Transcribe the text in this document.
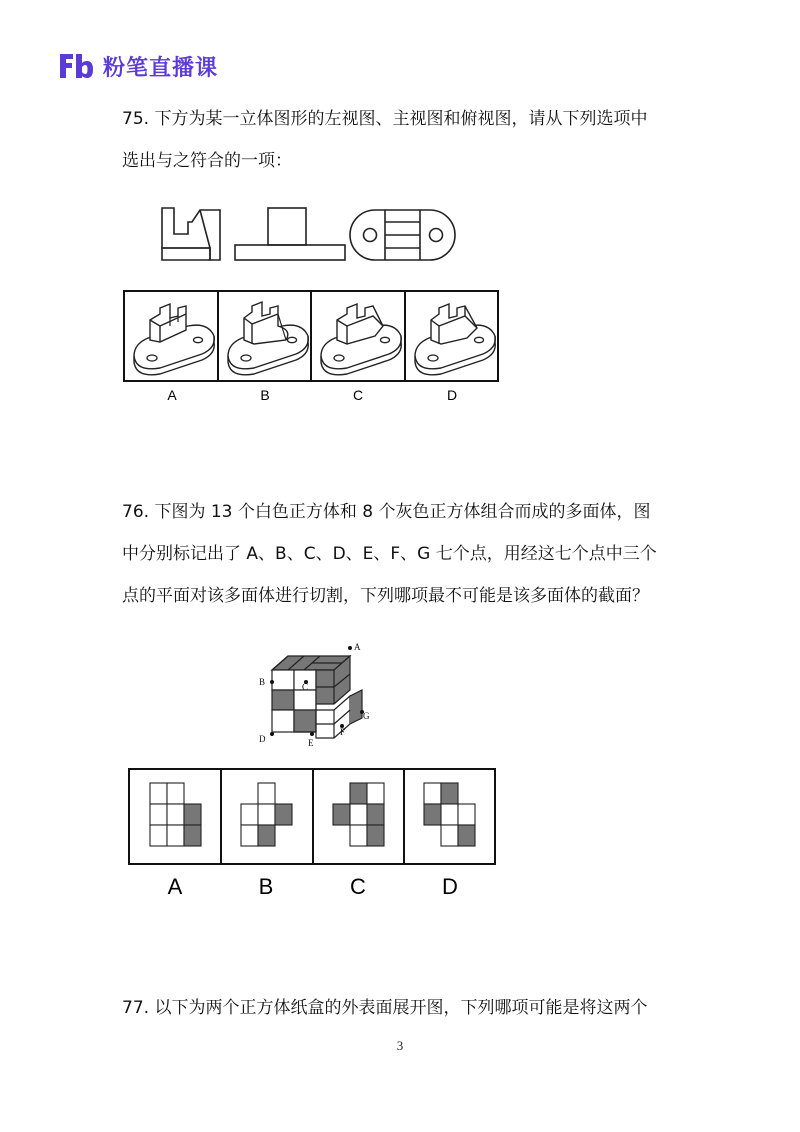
粉笔直播课
75. 下方为某一立体图形的左视图、主视图和俯视图，请从下列选项中
选出与之符合的一项：
A	B	C	D
76. 下图为 13 个白色正方体和 8 个灰色正方体组合而成的多面体，图
中分别标记出了 A、B、C、D、E、F、G 七个点，用经这七个点中三个
点的平面对该多面体进行切割，下列哪项最不可能是该多面体的截面？
A
B	C
D	E
F
G
A	B	C	D
77. 以下为两个正方体纸盒的外表面展开图，下列哪项可能是将这两个
3
